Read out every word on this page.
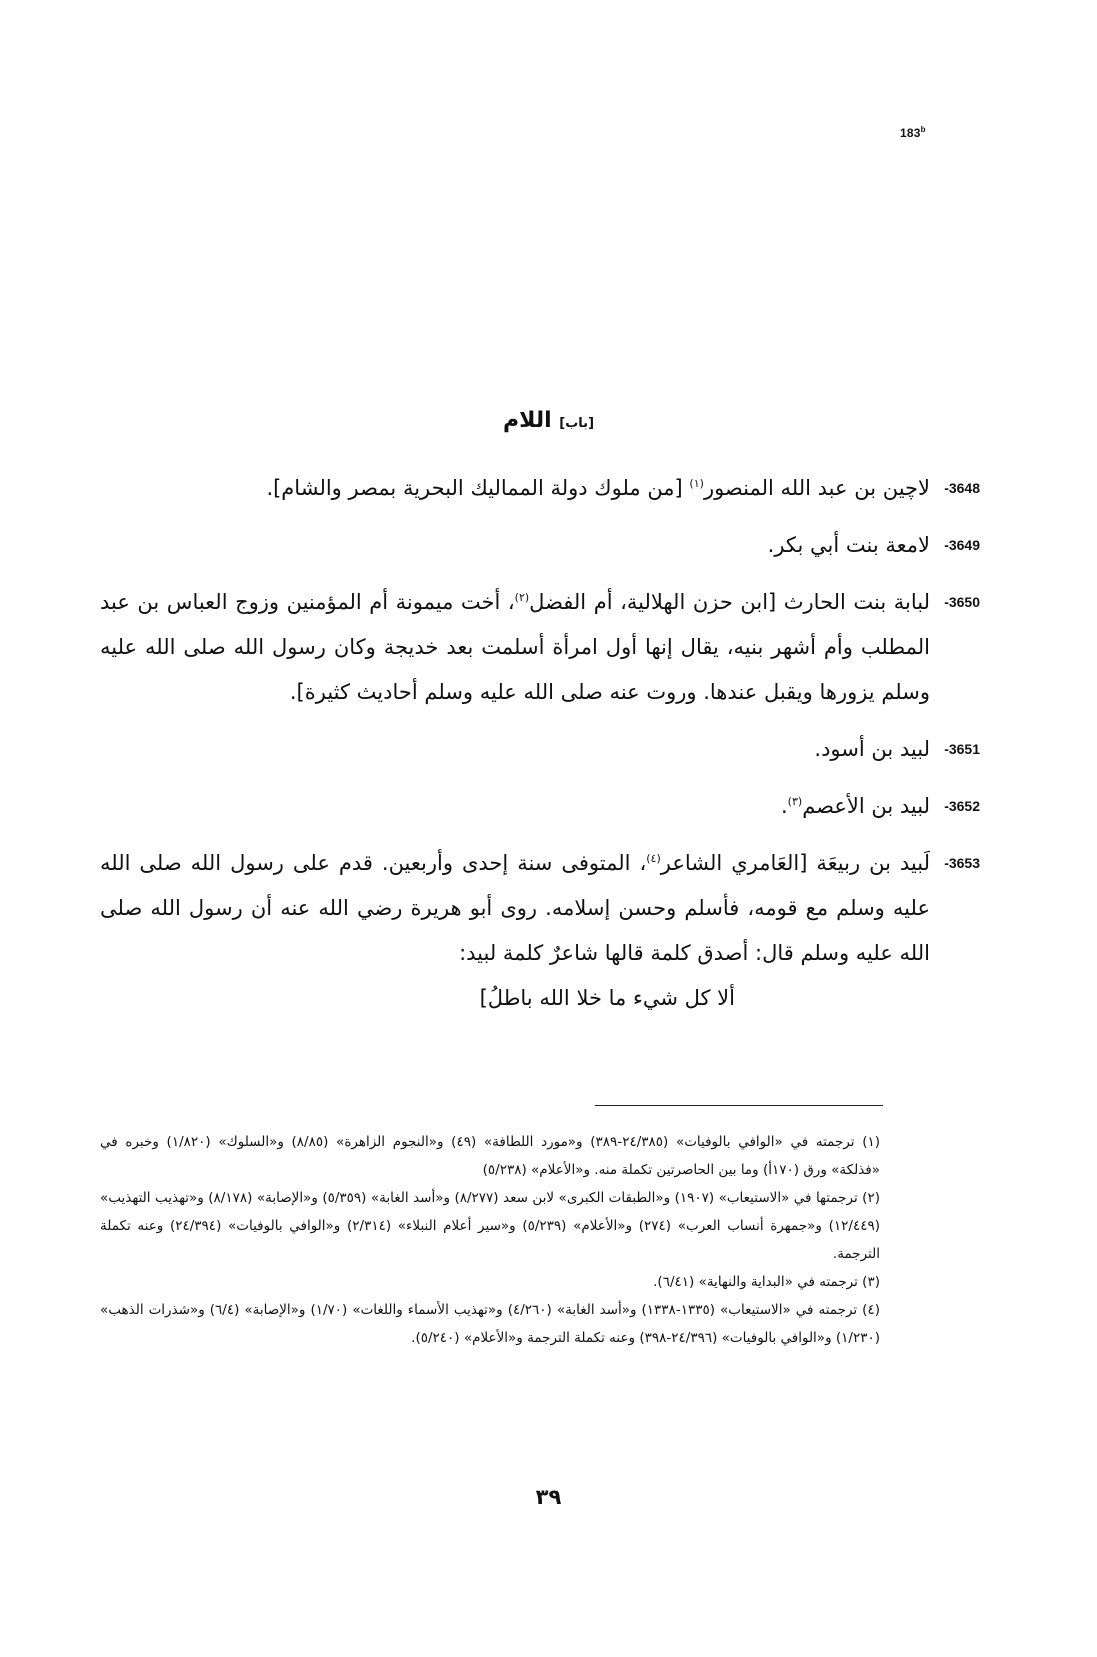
183$^b$
[باب] اللام
-3648
لاچين بن عبد الله المنصور$^{(١)}$ [من ملوك دولة المماليك البحرية بمصر والشام].
-3649
لامعة بنت أبي بكر.
-3650
لبابة بنت الحارث [ابن حزن الهلالية، أم الفضل$^{(٢)}$، أخت ميمونة أم المؤمنين وزوج العباس بن عبد المطلب وأم أشهر بنيه، يقال إنها أول امرأة أسلمت بعد خديجة وكان رسول الله صلى الله عليه وسلم يزورها ويقبل عندها. وروت عنه صلى الله عليه وسلم أحاديث كثيرة].
-3651
لبيد بن أسود.
-3652
لبيد بن الأعصم$^{(٣)}$.
-3653
لَبيد بن ربيعَة [العَامري الشاعر$^{(٤)}$، المتوفى سنة إحدى وأربعين. قدم على رسول الله صلى الله عليه وسلم مع قومه، فأسلم وحسن إسلامه. روى أبو هريرة رضي الله عنه أن رسول الله صلى الله عليه وسلم قال: أصدق كلمة قالها شاعرٌ كلمة لبيد:
ألا كل شيء ما خلا الله باطلُ]

(١) ترجمته في «الوافي بالوفيات» (٢٤/٣٨٥-٣٨٩) و«مورد اللطافة» (٤٩) و«النجوم الزاهرة» (٨/٨٥) و«السلوك» (١/٨٢٠) وخبره في «فذلكة» ورق (١٧٠أ) وما بين الحاصرتين تكملة منه. و«الأعلام» (٥/٢٣٨)

(٢) ترجمتها في «الاستيعاب» (١٩٠٧) و«الطبقات الكبرى» لابن سعد (٨/٢٧٧) و«أسد الغابة» (٥/٣٥٩) و«الإصابة» (٨/١٧٨) و«تهذيب التهذيب» (١٢/٤٤٩) و«جمهرة أنساب العرب» (٢٧٤) و«الأعلام» (٥/٢٣٩) و«سير أعلام النبلاء» (٢/٣١٤) و«الوافي بالوفيات» (٢٤/٣٩٤) وعنه تكملة الترجمة.

(٣) ترجمته في «البداية والنهاية» (٦/٤١).

(٤) ترجمته في «الاستيعاب» (١٣٣٥-١٣٣٨) و«أسد الغابة» (٤/٢٦٠) و«تهذيب الأسماء واللغات» (١/٧٠) و«الإصابة» (٦/٤) و«شذرات الذهب» (١/٢٣٠) و«الوافي بالوفيات» (٢٤/٣٩٦-٣٩٨) وعنه تكملة الترجمة و«الأعلام» (٥/٢٤٠).

٣٩
